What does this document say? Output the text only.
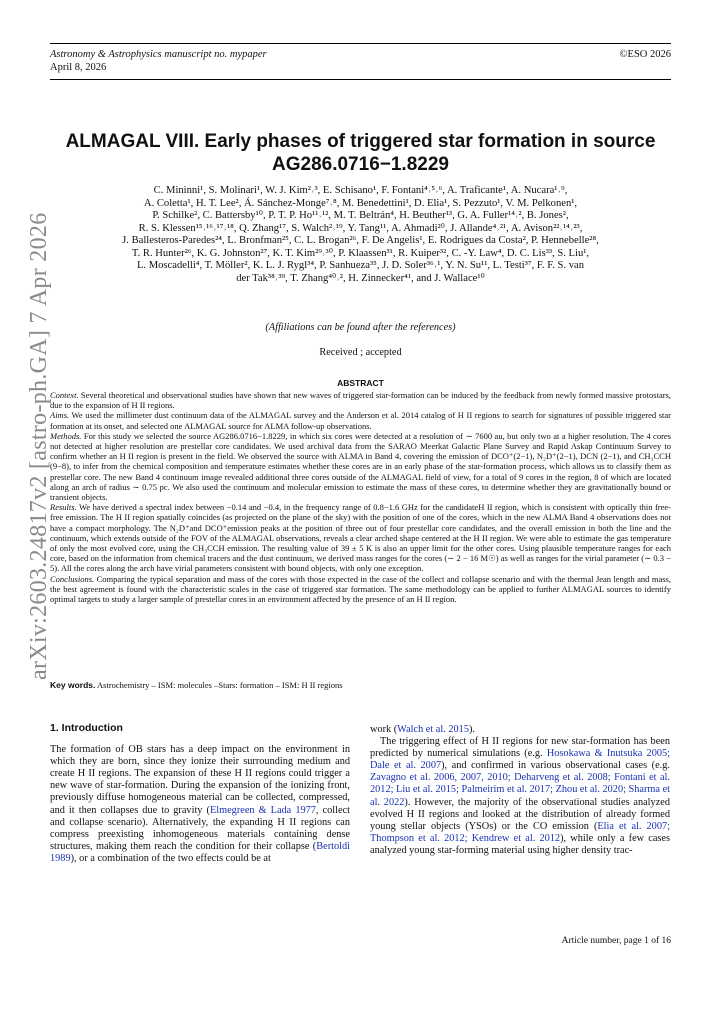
Astronomy & Astrophysics manuscript no. mypaper
April 8, 2026
©ESO 2026
arXiv:2603.24817v2 [astro-ph.GA] 7 Apr 2026
ALMAGAL VIII. Early phases of triggered star formation in source
AG286.0716−1.8229
C. Mininni¹, S. Molinari¹, W. J. Kim²˒³, E. Schisano¹, F. Fontani⁴˒⁵˒⁶, A. Traficante¹, A. Nucara¹˒⁹,
A. Coletta¹, H. T. Lee², Á. Sánchez-Monge⁷˒⁸, M. Benedettini¹, D. Elia¹, S. Pezzuto¹, V. M. Pelkonen¹,
P. Schilke², C. Battersby¹⁰, P. T. P. Ho¹¹˒¹², M. T. Beltrán⁴, H. Beuther¹³, G. A. Fuller¹⁴˒², B. Jones²,
R. S. Klessen¹⁵˒¹⁶˒¹⁷˒¹⁸, Q. Zhang¹⁷, S. Walch²˒¹⁹, Y. Tang¹¹, A. Ahmadi²⁰, J. Allande⁴˒²¹, A. Avison²²˒¹⁴˒²³,
J. Ballesteros-Paredes²⁴, L. Bronfman²⁵, C. L. Brogan²⁶, F. De Angelis¹, E. Rodrigues da Costa², P. Hennebelle²⁸,
T. R. Hunter²⁶, K. G. Johnston²⁷, K. T. Kim²⁹˒³⁰, P. Klaassen³¹, R. Kuiper³², C. -Y. Law⁴, D. C. Lis³³, S. Liu¹,
L. Moscadelli⁴, T. Möller², K. L. J. Rygl³⁴, P. Sanhueza³⁵, J. D. Soler³⁶˒¹, Y. N. Su¹¹, L. Testi³⁷, F. F. S. van
der Tak³⁸˒³⁹, T. Zhang⁴⁰˒², H. Zinnecker⁴¹, and J. Wallace¹⁰
(Affiliations can be found after the references)
Received ; accepted
ABSTRACT

Context. Several theoretical and observational studies have shown that new waves of triggered star-formation can be induced by the feedback from newly formed massive protostars, due to the expansion of H II regions.

Aims. We used the millimeter dust continuum data of the ALMAGAL survey and the Anderson et al. 2014 catalog of H II regions to search for signatures of possible triggered star formation at its onset, and selected one ALMAGAL source for ALMA follow-up observations.

Methods. For this study we selected the source AG286.0716−1.8229, in which six cores were detected at a resolution of ∼ 7600 au, but only two at a higher resolution. The 4 cores not detected at higher resolution are prestellar core candidates. We used archival data from the SARAO Meerkat Galactic Plane Survey and Rapid Askap Continuum Survey to confirm whether an H II region is present in the field. We observed the source with ALMA in Band 4, covering the emission of DCO⁺(2−1), N₂D⁺(2−1), DCN (2−1), and CH₃CCH (9−8), to infer from the chemical composition and temperature estimates whether these cores are in an early phase of the star-formation process, which allows us to classify them as prestellar core. The new Band 4 continuum image revealed additional three cores outside of the ALMAGAL field of view, for a total of 9 cores in the region, 8 of which are located along an arch of radius ∼ 0.75 pc. We also used the continuum and molecular emission to estimate the mass of these cores, to determine whether they are gravitationally bound or transient objects.

Results. We have derived a spectral index between −0.14 and −0.4, in the frequency range of 0.8−1.6 GHz for the candidateH II region, which is consistent with optically thin free-free emission. The H II region spatially coincides (as projected on the plane of the sky) with the position of one of the cores, which in the new ALMA Band 4 observations does not have a compact morphology. The N₂D⁺and DCO⁺emission peaks at the position of three out of four prestellar core candidates, and the overall emission in both the line and the continuum, which extends outside of the FOV of the ALMAGAL observations, reveals a clear arched shape centered at the H II region. We were able to estimate the gas temperature of only the most evolved core, using the CH₃CCH emission. The resulting value of 39 ± 5 K is also an upper limit for the other cores. Using plausible temperature ranges for each core, based on the information from chemical tracers and the dust continuum, we derived mass ranges for the cores (∼ 2 − 16 M☉) as well as ranges for the virial parameter (∼ 0.3 − 5). All the cores along the arch have virial parameters consistent with bound objects, with only one exception.

Conclusions. Comparing the typical separation and mass of the cores with those expected in the case of the collect and collapse scenario and with the thermal Jean length and mass, the best agreement is found with the characteristic scales in the case of triggered star formation. The same methodology can be applied to further ALMAGAL sources to identify optimal targets to study a larger sample of prestellar cores in an environment affected by the presence of an H II region.

Key words. Astrochemistry – ISM: molecules –Stars: formation – ISM: H II regions
1. Introduction

The formation of OB stars has a deep impact on the environment in which they are born, since they ionize their surrounding medium and create H II regions. The expansion of these H II regions could trigger a new wave of star-formation. During the expansion of the ionizing front, previously diffuse homogeneous material can be collected, compressed, and it then collapses due to gravity (Elmegreen & Lada 1977, collect and collapse scenario). Alternatively, the expanding H II regions can compress preexisting inhomogeneous materials containing dense structures, making them reach the condition for their collapse (Bertoldi 1989), or a combination of the two effects could be at

work (Walch et al. 2015).

The triggering effect of H II regions for new star-formation has been predicted by numerical simulations (e.g. Hosokawa & Inutsuka 2005; Dale et al. 2007), and confirmed in various observational cases (e.g. Zavagno et al. 2006, 2007, 2010; Deharveng et al. 2008; Fontani et al. 2012; Liu et al. 2015; Palmeirim et al. 2017; Zhou et al. 2020; Sharma et al. 2022). However, the majority of the observational studies analyzed evolved H II regions and looked at the distribution of already formed young stellar objects (YSOs) or the CO emission (Elia et al. 2007; Thompson et al. 2012; Kendrew et al. 2012), while only a few cases analyzed young star-forming material using higher density trac-

Article number, page 1 of 16
